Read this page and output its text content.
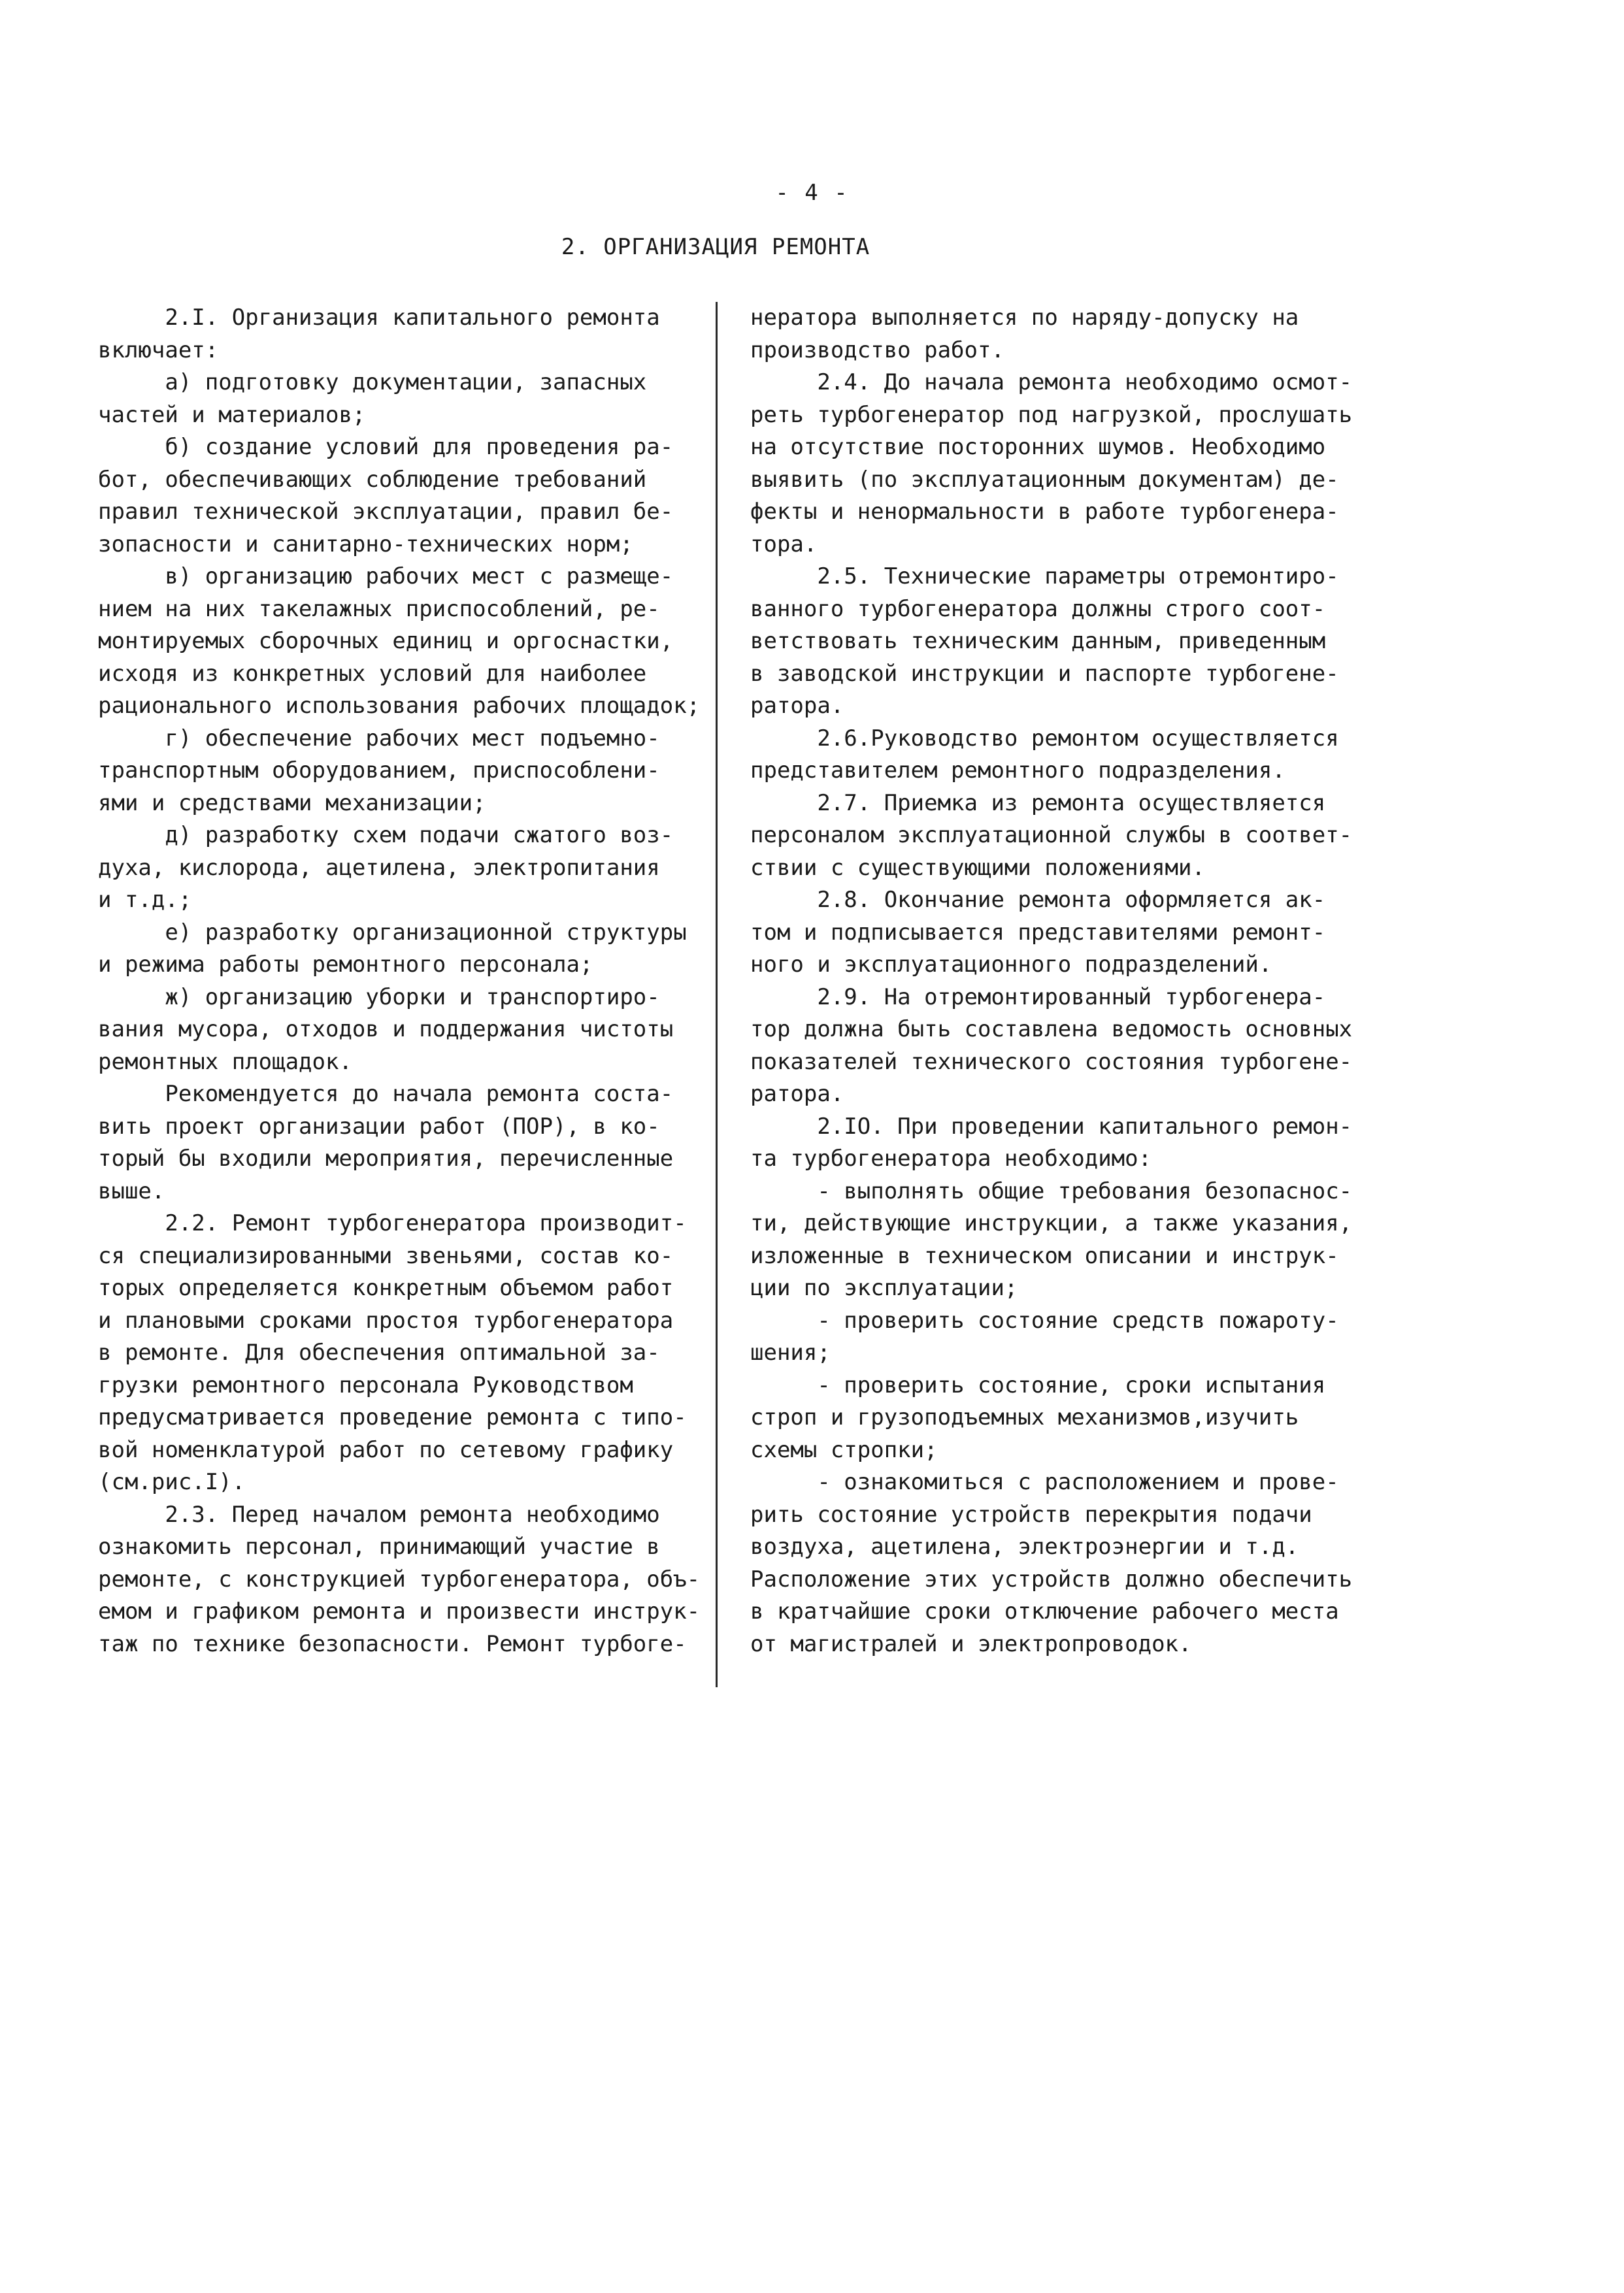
- 4 -
2. ОРГАНИЗАЦИЯ РЕМОНТА
2.I. Организация капитального ремонта
включает:
а) подготовку документации, запасных
частей и материалов;
б) создание условий для проведения ра-
бот, обеспечивающих соблюдение требований
правил технической эксплуатации, правил бе-
зопасности и санитарно-технических норм;
в) организацию рабочих мест с размеще-
нием на них такелажных приспособлений, ре-
монтируемых сборочных единиц и оргоснастки,
исходя из конкретных условий для наиболее
рационального использования рабочих площадок;
г) обеспечение рабочих мест подъемно-
транспортным оборудованием, приспособлени-
ями и средствами механизации;
д) разработку схем подачи сжатого воз-
духа, кислорода, ацетилена, электропитания
и т.д.;
е) разработку организационной структуры
и режима работы ремонтного персонала;
ж) организацию уборки и транспортиро-
вания мусора, отходов и поддержания чистоты
ремонтных площадок.
Рекомендуется до начала ремонта соста-
вить проект организации работ (ПОР), в ко-
торый бы входили мероприятия, перечисленные
выше.
2.2. Ремонт турбогенератора производит-
ся специализированными звеньями, состав ко-
торых определяется конкретным объемом работ
и плановыми сроками простоя турбогенератора
в ремонте. Для обеспечения оптимальной за-
грузки ремонтного персонала Руководством
предусматривается проведение ремонта с типо-
вой номенклатурой работ по сетевому графику
(см.рис.I).
2.3. Перед началом ремонта необходимо
ознакомить персонал, принимающий участие в
ремонте, с конструкцией турбогенератора, объ-
емом и графиком ремонта и произвести инструк-
таж по технике безопасности. Ремонт турбоге-
нератора выполняется по наряду-допуску на
производство работ.
2.4. До начала ремонта необходимо осмот-
реть турбогенератор под нагрузкой, прослушать
на отсутствие посторонних шумов. Необходимо
выявить (по эксплуатационным документам) де-
фекты и ненормальности в работе турбогенера-
тора.
2.5. Технические параметры отремонтиро-
ванного турбогенератора должны строго соот-
ветствовать техническим данным, приведенным
в заводской инструкции и паспорте турбогене-
ратора.
2.6.Руководство ремонтом осуществляется
представителем ремонтного подразделения.
2.7. Приемка из ремонта осуществляется
персоналом эксплуатационной службы в соответ-
ствии с существующими положениями.
2.8. Окончание ремонта оформляется ак-
том и подписывается представителями ремонт-
ного и эксплуатационного подразделений.
2.9. На отремонтированный турбогенера-
тор должна быть составлена ведомость основных
показателей технического состояния турбогене-
ратора.
2.IO. При проведении капитального ремон-
та турбогенератора необходимо:
- выполнять общие требования безопаснос-
ти, действующие инструкции, а также указания,
изложенные в техническом описании и инструк-
ции по эксплуатации;
- проверить состояние средств пожароту-
шения;
- проверить состояние, сроки испытания
строп и грузоподъемных механизмов,изучить
схемы стропки;
- ознакомиться с расположением и прове-
рить состояние устройств перекрытия подачи
воздуха, ацетилена, электроэнергии и т.д.
Расположение этих устройств должно обеспечить
в кратчайшие сроки отключение рабочего места
от магистралей и электропроводок.
